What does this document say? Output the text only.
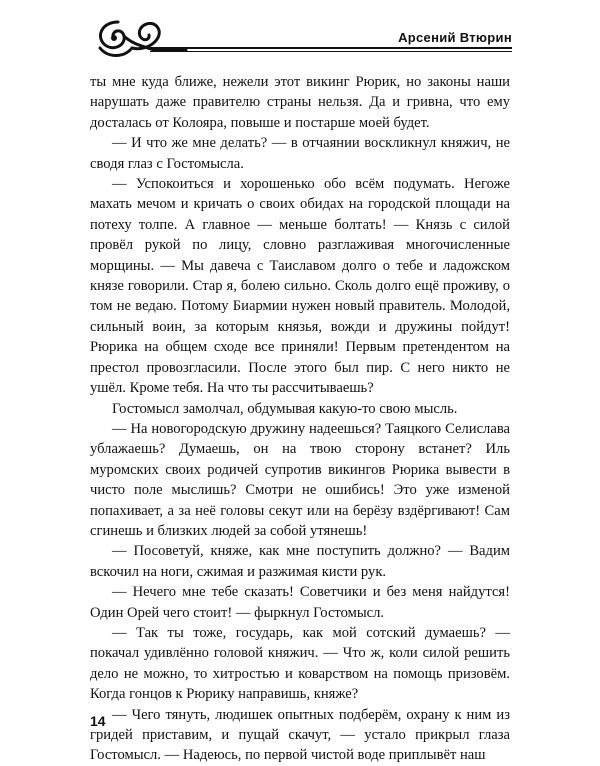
Арсений Втюрин

ты мне куда ближе, нежели этот викинг Рюрик, но законы наши нарушать даже правителю страны нельзя. Да и гривна, что ему досталась от Колояра, повыше и постарше моей будет.

— И что же мне делать? — в отчаянии воскликнул княжич, не сводя глаз с Гостомысла.

— Успокоиться и хорошенько обо всём подумать. Негоже махать мечом и кричать о своих обидах на городской площади на потеху толпе. А главное — меньше болтать! — Князь с силой провёл рукой по лицу, словно разглаживая многочисленные морщины. — Мы давеча с Таиславом долго о тебе и ладожском князе говорили. Стар я, болею сильно. Сколь долго ещё проживу, о том не ведаю. Потому Биармии нужен новый правитель. Молодой, сильный воин, за которым князья, вожди и дружины пойдут! Рюрика на общем сходе все приняли! Первым претендентом на престол провозгласили. После этого был пир. С него никто не ушёл. Кроме тебя. На что ты рассчитываешь?

Гостомысл замолчал, обдумывая какую-то свою мысль.

— На новогородскую дружину надеешься? Таяцкого Селислава ублажаешь? Думаешь, он на твою сторону встанет? Иль муромских своих родичей супротив викингов Рюрика вывести в чисто поле мыслишь? Смотри не ошибись! Это уже изменой попахивает, а за неё головы секут или на берёзу вздёргивают! Сам сгинешь и близких людей за собой утянешь!

— Посоветуй, княже, как мне поступить должно? — Вадим вскочил на ноги, сжимая и разжимая кисти рук.

— Нечего мне тебе сказать! Советчики и без меня найдутся! Один Орей чего стоит! — фыркнул Гостомысл.

— Так ты тоже, государь, как мой сотский думаешь? — покачал удивлённо головой княжич. — Что ж, коли силой решить дело не можно, то хитростью и коварством на помощь призовём. Когда гонцов к Рюрику направишь, княже?

— Чего тянуть, людишек опытных подберём, охрану к ним из гридей приставим, и пущай скачут, — устало прикрыл глаза Гостомысл. — Надеюсь, по первой чистой воде приплывёт наш

14
